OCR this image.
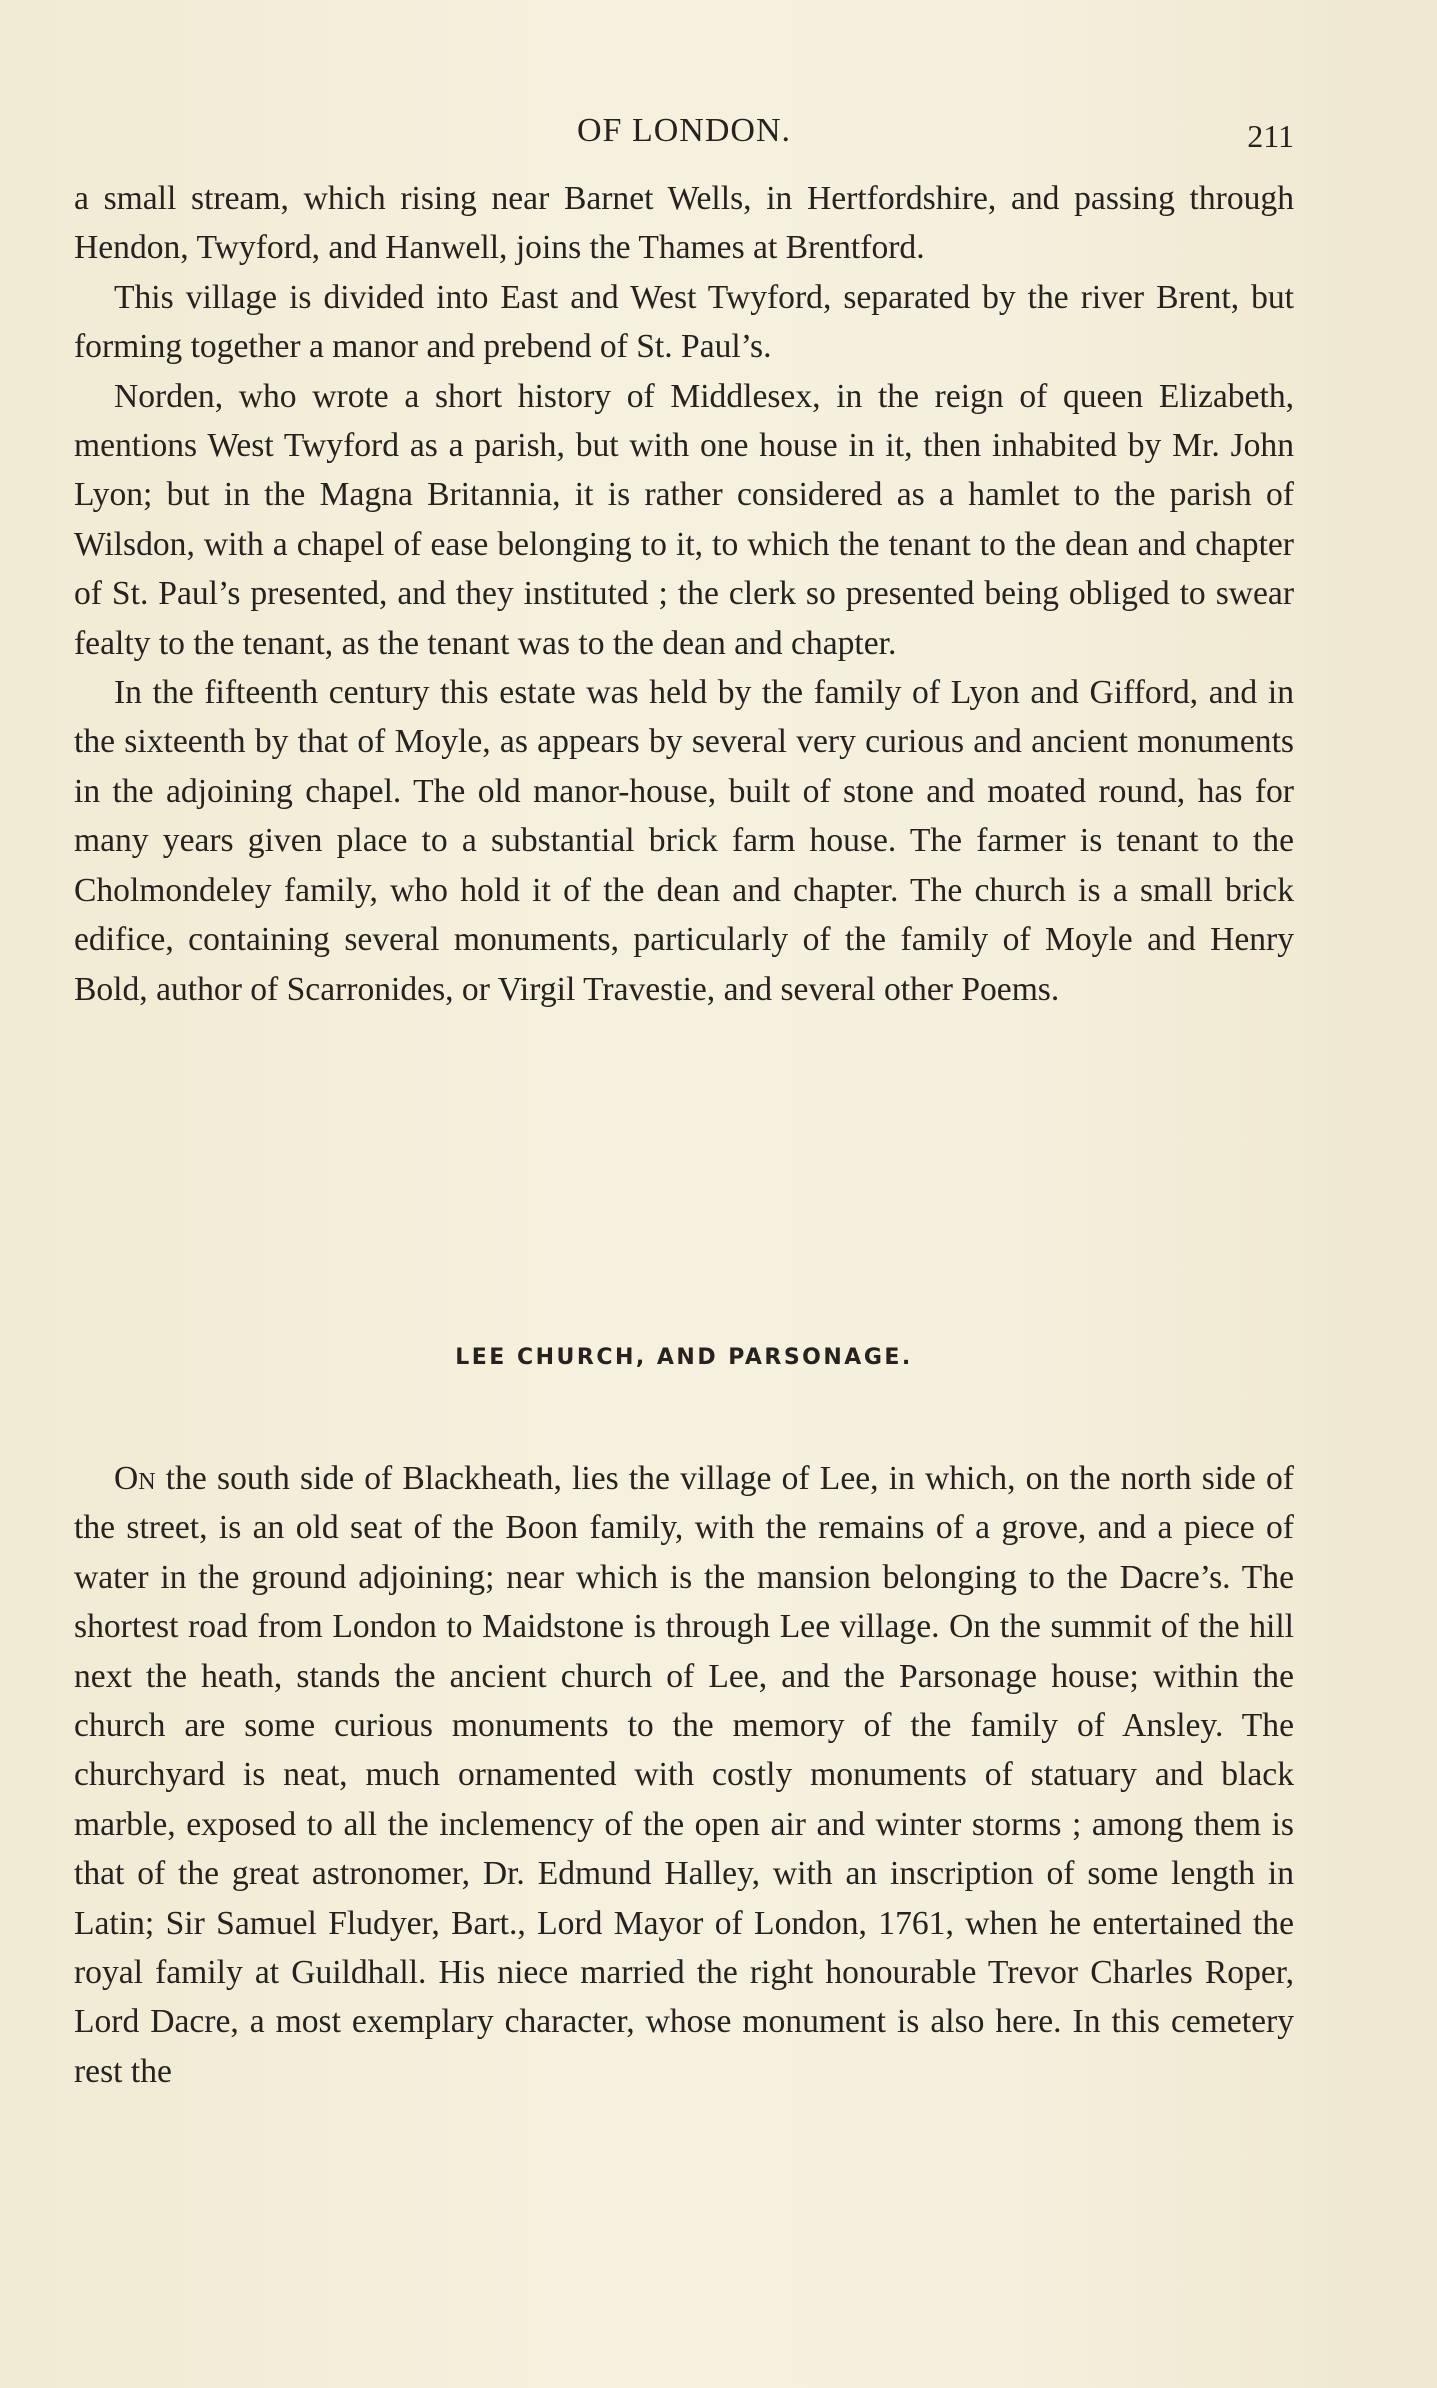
OF LONDON.	211

a small stream, which rising near Barnet Wells, in Hertfordshire, and passing through Hendon, Twyford, and Hanwell, joins the Thames at Brentford.

This village is divided into East and West Twyford, separated by the river Brent, but forming together a manor and prebend of St. Paul’s.

Norden, who wrote a short history of Middlesex, in the reign of queen Elizabeth, mentions West Twyford as a parish, but with one house in it, then inhabited by Mr. John Lyon; but in the Magna Britannia, it is rather considered as a hamlet to the parish of Wilsdon, with a chapel of ease belonging to it, to which the tenant to the dean and chapter of St. Paul’s presented, and they instituted ; the clerk so presented being obliged to swear fealty to the tenant, as the tenant was to the dean and chapter.

In the fifteenth century this estate was held by the family of Lyon and Gifford, and in the sixteenth by that of Moyle, as appears by several very curious and ancient monuments in the adjoining chapel. The old manor-house, built of stone and moated round, has for many years given place to a substantial brick farm house. The farmer is tenant to the Cholmondeley family, who hold it of the dean and chapter. The church is a small brick edifice, containing several monuments, particularly of the family of Moyle and Henry Bold, author of Scarronides, or Virgil Travestie, and several other Poems.

LEE CHURCH, AND PARSONAGE.

On the south side of Blackheath, lies the village of Lee, in which, on the north side of the street, is an old seat of the Boon family, with the remains of a grove, and a piece of water in the ground adjoining; near which is the mansion belonging to the Dacre’s. The shortest road from London to Maidstone is through Lee village. On the summit of the hill next the heath, stands the ancient church of Lee, and the Parsonage house; within the church are some curious monuments to the memory of the family of Ansley. The churchyard is neat, much ornamented with costly monuments of statuary and black marble, exposed to all the inclemency of the open air and winter storms ; among them is that of the great astronomer, Dr. Edmund Halley, with an inscription of some length in Latin; Sir Samuel Fludyer, Bart., Lord Mayor of London, 1761, when he entertained the royal family at Guildhall. His niece married the right honourable Trevor Charles Roper, Lord Dacre, a most exemplary character, whose monument is also here. In this cemetery rest the
